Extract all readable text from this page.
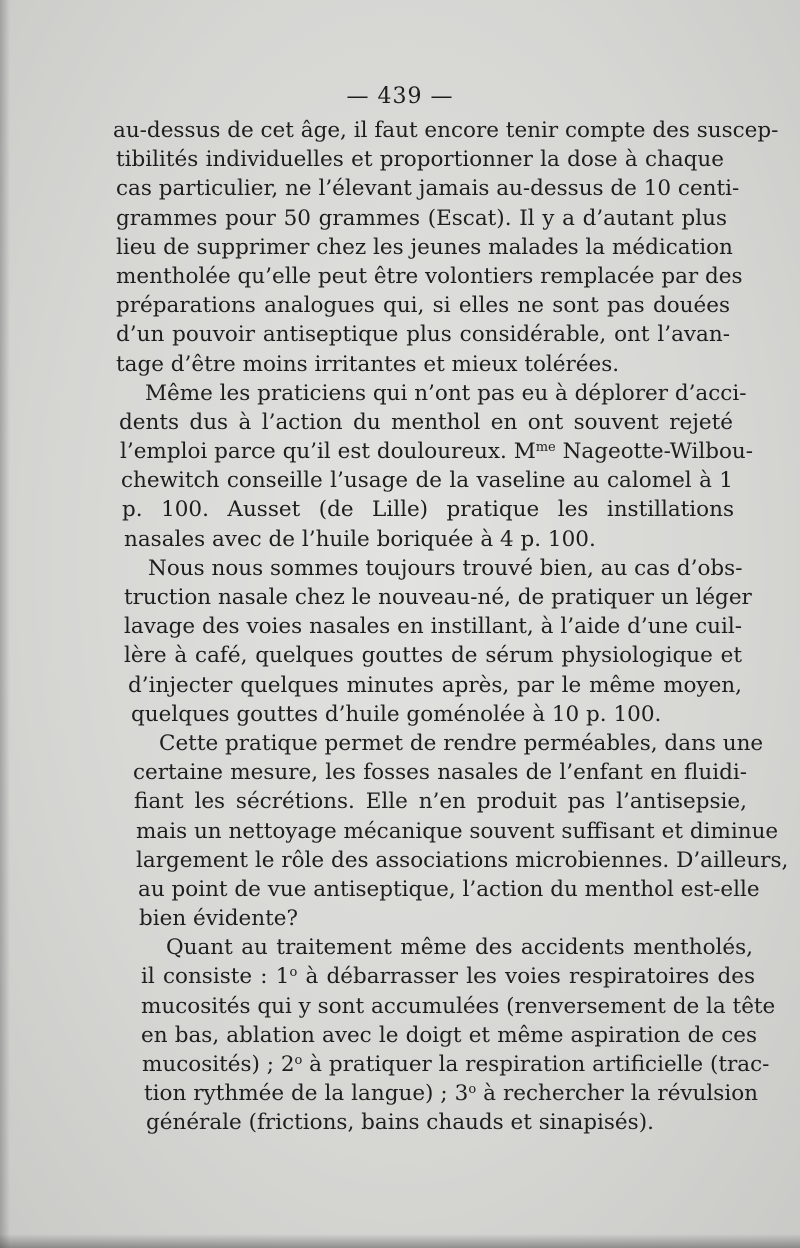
— 439 —
au-dessus de cet âge, il faut encore tenir compte des suscep-
tibilités individuelles et proportionner la dose à chaque
cas particulier, ne l’élevant jamais au-dessus de 10 centi-
grammes pour 50 grammes (Escat). Il y a d’autant plus
lieu de supprimer chez les jeunes malades la médication
mentholée qu’elle peut être volontiers remplacée par des
préparations analogues qui, si elles ne sont pas douées
d’un pouvoir antiseptique plus considérable, ont l’avan-
tage d’être moins irritantes et mieux tolérées.
Même les praticiens qui n’ont pas eu à déplorer d’acci-
dents dus à l’action du menthol en ont souvent rejeté
l’emploi parce qu’il est douloureux. $M^{me}$ Nageotte-Wilbou-
chewitch conseille l’usage de la vaseline au calomel à 1
p. 100. Ausset (de Lille) pratique les instillations
nasales avec de l’huile boriquée à 4 p. 100.
Nous nous sommes toujours trouvé bien, au cas d’obs-
truction nasale chez le nouveau-né, de pratiquer un léger
lavage des voies nasales en instillant, à l’aide d’une cuil-
lère à café, quelques gouttes de sérum physiologique et
d’injecter quelques minutes après, par le même moyen,
quelques gouttes d’huile goménolée à 10 p. 100.
Cette pratique permet de rendre perméables, dans une
certaine mesure, les fosses nasales de l’enfant en fluidi-
fiant les sécrétions. Elle n’en produit pas l’antisepsie,
mais un nettoyage mécanique souvent suffisant et diminue
largement le rôle des associations microbiennes. D’ailleurs,
au point de vue antiseptique, l’action du menthol est-elle
bien évidente?
Quant au traitement même des accidents mentholés,
il consiste : 1$^o$ à débarrasser les voies respiratoires des
mucosités qui y sont accumulées (renversement de la tête
en bas, ablation avec le doigt et même aspiration de ces
mucosités) ; 2$^o$ à pratiquer la respiration artificielle (trac-
tion rythmée de la langue) ; 3$^o$ à rechercher la révulsion
générale (frictions, bains chauds et sinapisés).
